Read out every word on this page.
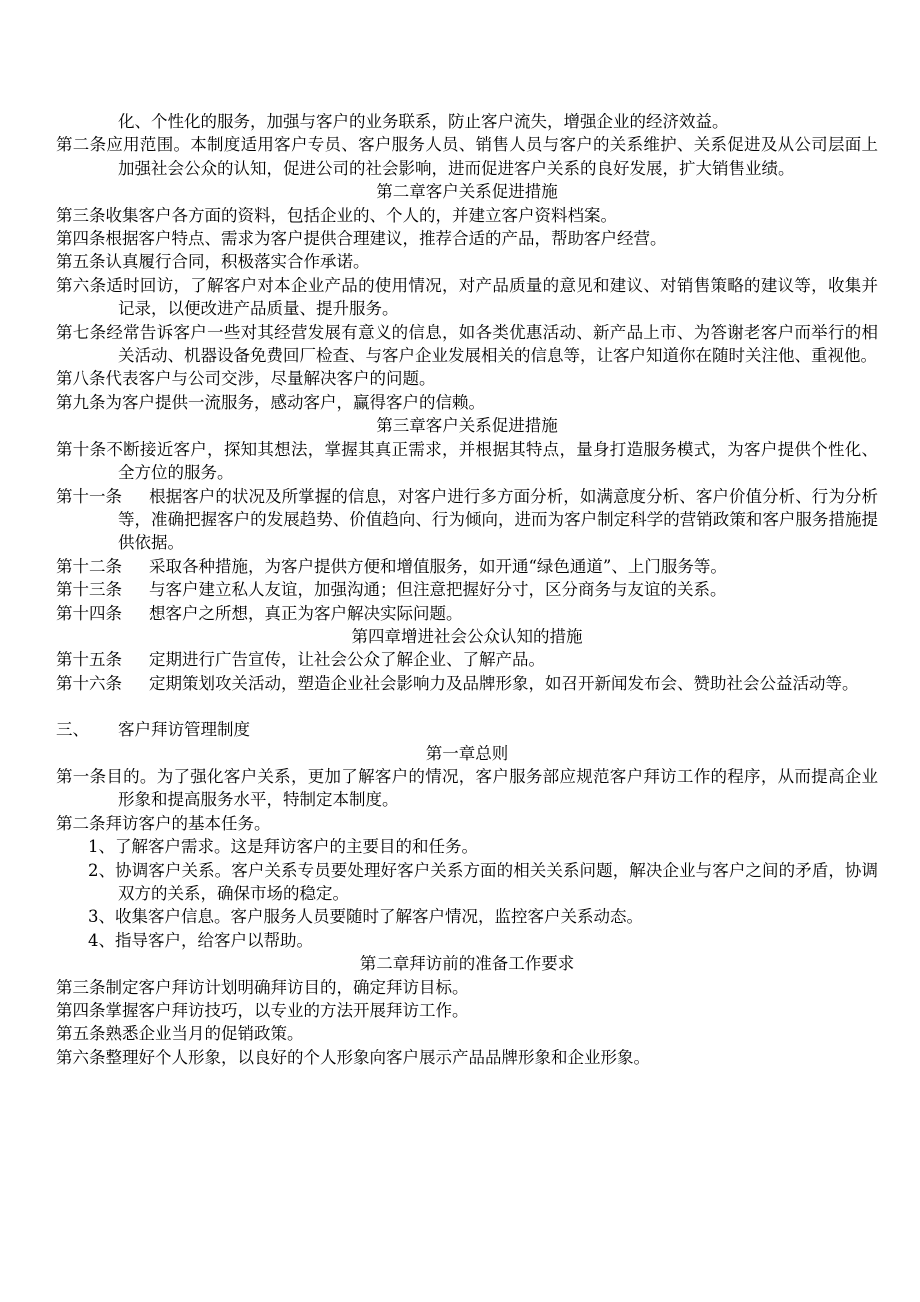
化、个性化的服务，加强与客户的业务联系，防止客户流失，增强企业的经济效益。

第二条应用范围。本制度适用客户专员、客户服务人员、销售人员与客户的关系维护、关系促进及从公司层面上加强社会公众的认知，促进公司的社会影响，进而促进客户关系的良好发展，扩大销售业绩。

第二章客户关系促进措施

第三条收集客户各方面的资料，包括企业的、个人的，并建立客户资料档案。

第四条根据客户特点、需求为客户提供合理建议，推荐合适的产品，帮助客户经营。

第五条认真履行合同，积极落实合作承诺。

第六条适时回访，了解客户对本企业产品的使用情况，对产品质量的意见和建议、对销售策略的建议等，收集并记录，以便改进产品质量、提升服务。

第七条经常告诉客户一些对其经营发展有意义的信息，如各类优惠活动、新产品上市、为答谢老客户而举行的相关活动、机器设备免费回厂检查、与客户企业发展相关的信息等，让客户知道你在随时关注他、重视他。

第八条代表客户与公司交涉，尽量解决客户的问题。

第九条为客户提供一流服务，感动客户，赢得客户的信赖。

第三章客户关系促进措施

第十条不断接近客户，探知其想法，掌握其真正需求，并根据其特点，量身打造服务模式，为客户提供个性化、全方位的服务。

第十一条 根据客户的状况及所掌握的信息，对客户进行多方面分析，如满意度分析、客户价值分析、行为分析等，准确把握客户的发展趋势、价值趋向、行为倾向，进而为客户制定科学的营销政策和客户服务措施提供依据。

第十二条 采取各种措施，为客户提供方便和增值服务，如开通“绿色通道”、上门服务等。

第十三条 与客户建立私人友谊，加强沟通；但注意把握好分寸，区分商务与友谊的关系。

第十四条 想客户之所想，真正为客户解决实际问题。

第四章增进社会公众认知的措施

第十五条 定期进行广告宣传，让社会公众了解企业、了解产品。

第十六条 定期策划攻关活动，塑造企业社会影响力及品牌形象，如召开新闻发布会、赞助社会公益活动等。

三、 客户拜访管理制度

第一章总则

第一条目的。为了强化客户关系，更加了解客户的情况，客户服务部应规范客户拜访工作的程序，从而提高企业形象和提高服务水平，特制定本制度。

第二条拜访客户的基本任务。

1、了解客户需求。这是拜访客户的主要目的和任务。

2、协调客户关系。客户关系专员要处理好客户关系方面的相关关系问题，解决企业与客户之间的矛盾，协调双方的关系，确保市场的稳定。

3、收集客户信息。客户服务人员要随时了解客户情况，监控客户关系动态。

4、指导客户，给客户以帮助。

第二章拜访前的准备工作要求

第三条制定客户拜访计划明确拜访目的，确定拜访目标。

第四条掌握客户拜访技巧，以专业的方法开展拜访工作。

第五条熟悉企业当月的促销政策。

第六条整理好个人形象，以良好的个人形象向客户展示产品品牌形象和企业形象。
